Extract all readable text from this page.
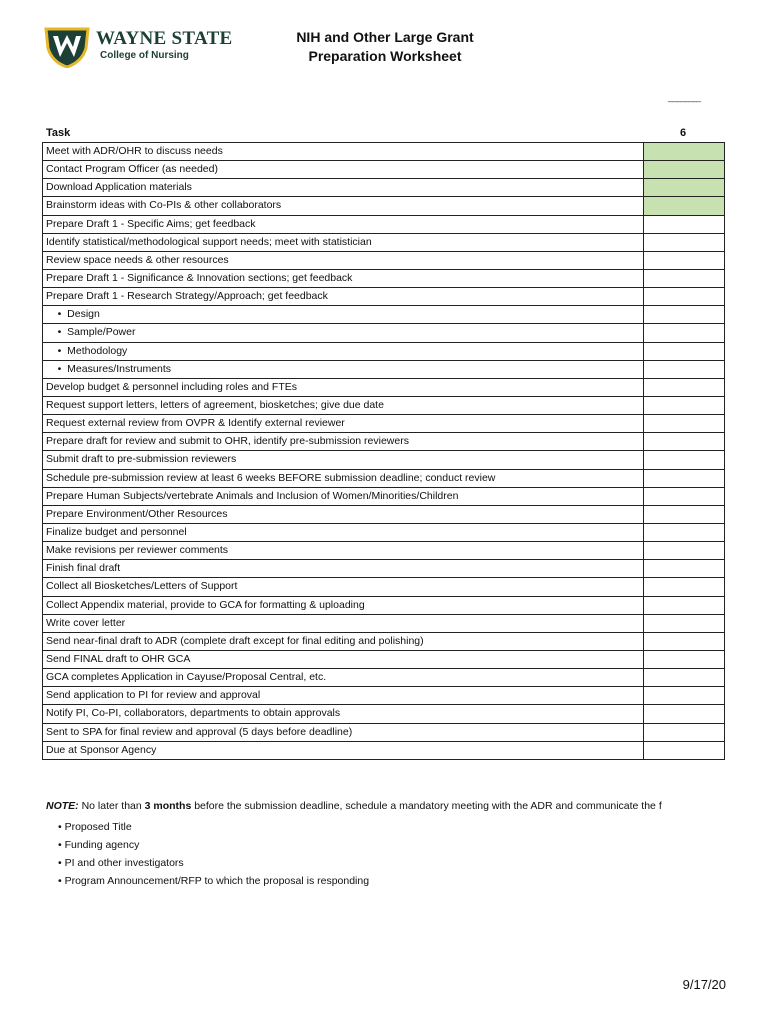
WAYNE STATE
College of Nursing
NIH and Other Large Grant
Preparation Worksheet
________
Task	6
Meet with ADR/OHR to discuss needs	
Contact Program Officer (as needed)	
Download Application materials	
Brainstorm ideas with Co-PIs & other collaborators	
Prepare Draft 1 - Specific Aims; get feedback	
Identify statistical/methodological support needs; meet with statistician	
Review space needs & other resources	
Prepare Draft 1 - Significance & Innovation sections; get feedback	
Prepare Draft 1 - Research Strategy/Approach; get feedback	
•  Design	
•  Sample/Power	
•  Methodology	
•  Measures/Instruments	
Develop budget & personnel including roles and FTEs	
Request support letters, letters of agreement, biosketches; give due date	
Request external review from OVPR & Identify external reviewer	
Prepare draft for review and submit to OHR, identify pre-submission reviewers	
Submit draft to pre-submission reviewers	
Schedule pre-submission review at least 6 weeks BEFORE submission deadline; conduct review	
Prepare Human Subjects/vertebrate Animals and Inclusion of Women/Minorities/Children	
Prepare Environment/Other Resources	
Finalize budget and personnel	
Make revisions per reviewer comments	
Finish final draft	
Collect all Biosketches/Letters of Support	
Collect Appendix material, provide to GCA for formatting & uploading	
Write cover letter	
Send near-final draft to ADR (complete draft except for final editing and polishing)	
Send FINAL draft to OHR GCA	
GCA completes Application in Cayuse/Proposal Central, etc.	
Send application to PI for review and approval	
Notify PI, Co-PI, collaborators, departments to obtain approvals	
Sent to SPA for final review and approval (5 days before deadline)	
Due at Sponsor Agency	
NOTE: No later than 3 months before the submission deadline, schedule a mandatory meeting with the ADR and communicate the f
• Proposed Title
• Funding agency
• PI and other investigators
• Program Announcement/RFP to which the proposal is responding
9/17/20
